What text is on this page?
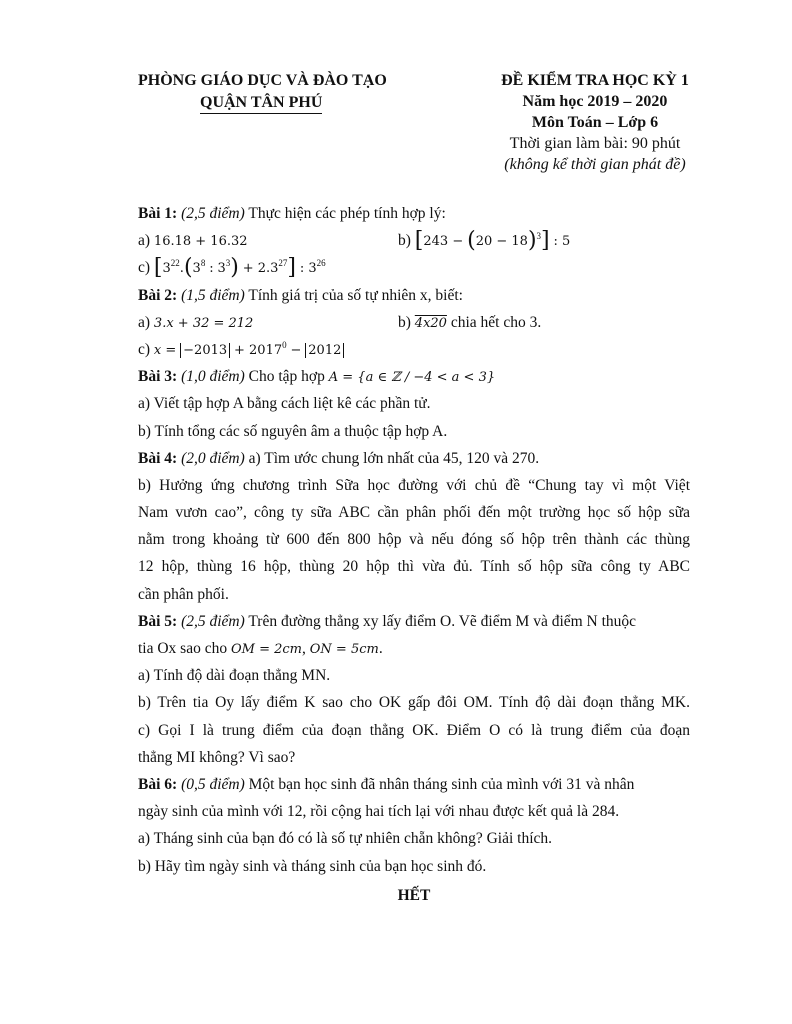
PHÒNG GIÁO DỤC VÀ ĐÀO TẠO
QUẬN TÂN PHÚ
ĐỀ KIỂM TRA HỌC KỲ 1
Năm học 2019 – 2020
Môn Toán – Lớp 6
Thời gian làm bài: 90 phút
(không kể thời gian phát đề)
Bài 1: (2,5 điểm) Thực hiện các phép tính hợp lý:
a) 16.18 + 16.32	b) $[243 - (20 - 18)^3]$ : 5
c) [$3^{22}.(3^8$ : $3^3) + 2.3^{27}$] : $3^{26}$
Bài 2: (1,5 điểm) Tính giá trị của số tự nhiên x, biết:
a) 3.x + 32 = 212	b) 4x20 chia hết cho 3.
c) $x = -2013 + 2017^0 - 2012$
Bài 3: (1,0 điểm) Cho tập hợp A = {a ∈ ℤ / −4 < a < 3}
a) Viết tập hợp A bằng cách liệt kê các phần tử.
b) Tính tổng các số nguyên âm a thuộc tập hợp A.
Bài 4: (2,0 điểm) a) Tìm ước chung lớn nhất của 45, 120 và 270.
b) Hưởng ứng chương trình Sữa học đường với chủ đề “Chung tay vì một Việt
Nam vươn cao”, công ty sữa ABC cần phân phối đến một trường học số hộp sữa
nằm trong khoảng từ 600 đến 800 hộp và nếu đóng số hộp trên thành các thùng
12 hộp, thùng 16 hộp, thùng 20 hộp thì vừa đủ. Tính số hộp sữa công ty ABC
cần phân phối.
Bài 5: (2,5 điểm) Trên đường thẳng xy lấy điểm O. Vẽ điểm M và điểm N thuộc
tia Ox sao cho OM = 2cm, ON = 5cm.
a) Tính độ dài đoạn thẳng MN.
b) Trên tia Oy lấy điểm K sao cho OK gấp đôi OM. Tính độ dài đoạn thẳng MK.
c) Gọi I là trung điểm của đoạn thẳng OK. Điểm O có là trung điểm của đoạn
thẳng MI không? Vì sao?
Bài 6: (0,5 điểm) Một bạn học sinh đã nhân tháng sinh của mình với 31 và nhân
ngày sinh của mình với 12, rồi cộng hai tích lại với nhau được kết quả là 284.
a) Tháng sinh của bạn đó có là số tự nhiên chẵn không? Giải thích.
b) Hãy tìm ngày sinh và tháng sinh của bạn học sinh đó.
HẾT
